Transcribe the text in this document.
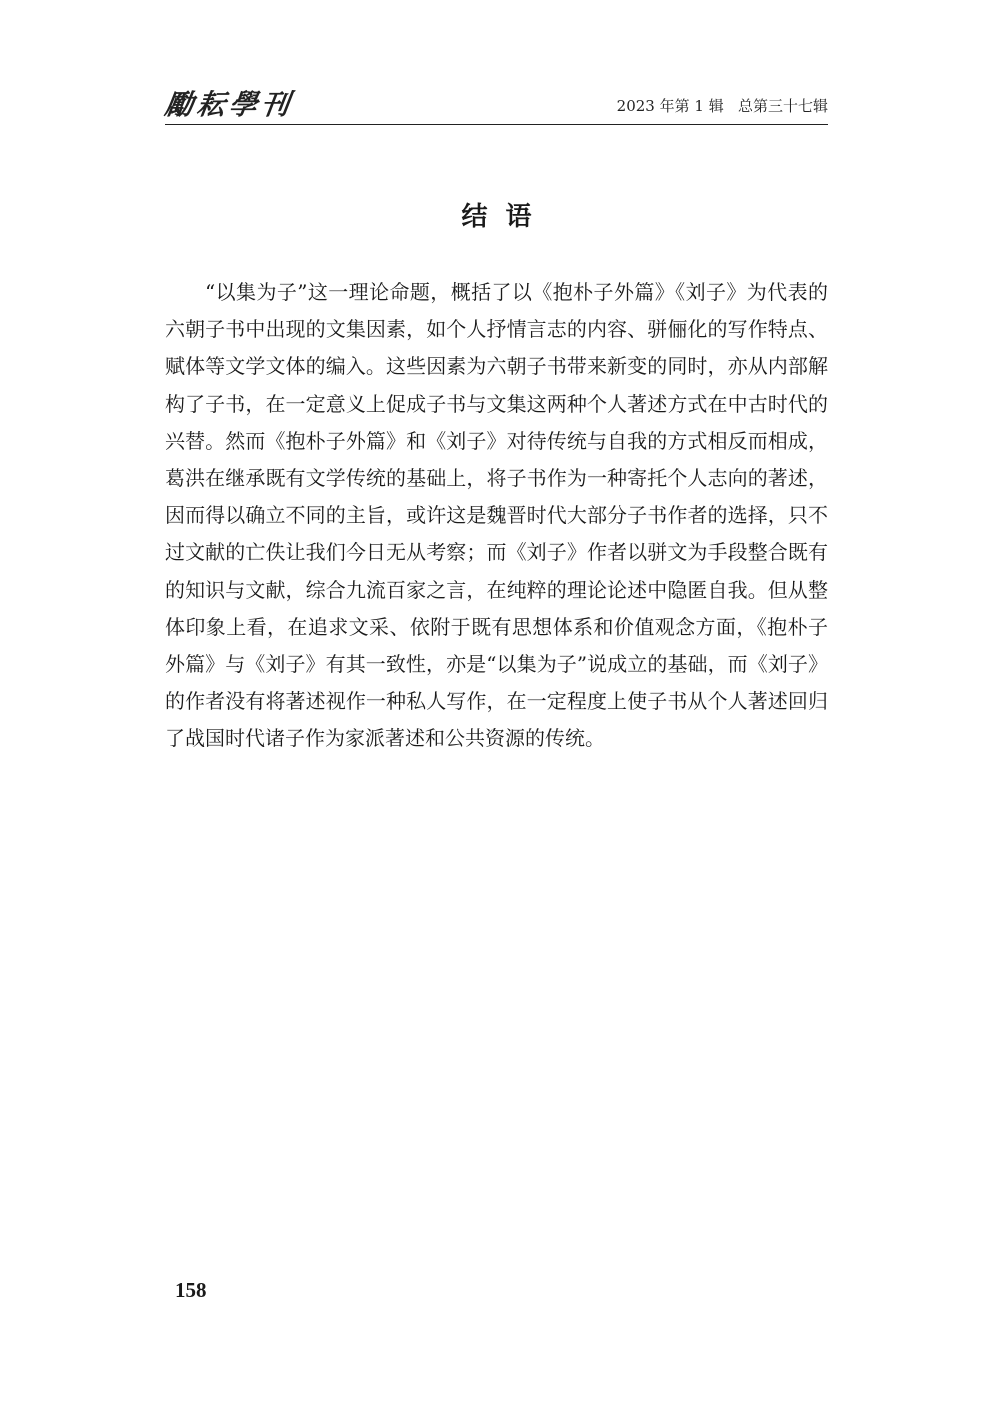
勵耘學刊	2023 年第 1 辑   总第三十七辑
结  语

“以集为子”这一理论命题，概括了以《抱朴子外篇》《刘子》为代表的六朝子书中出现的文集因素，如个人抒情言志的内容、骈俪化的写作特点、赋体等文学文体的编入。这些因素为六朝子书带来新变的同时，亦从内部解构了子书，在一定意义上促成子书与文集这两种个人著述方式在中古时代的兴替。然而《抱朴子外篇》和《刘子》对待传统与自我的方式相反而相成，葛洪在继承既有文学传统的基础上，将子书作为一种寄托个人志向的著述，因而得以确立不同的主旨，或许这是魏晋时代大部分子书作者的选择，只不过文献的亡佚让我们今日无从考察；而《刘子》作者以骈文为手段整合既有的知识与文献，综合九流百家之言，在纯粹的理论论述中隐匿自我。但从整体印象上看，在追求文采、依附于既有思想体系和价值观念方面，《抱朴子外篇》与《刘子》有其一致性，亦是“以集为子”说成立的基础，而《刘子》的作者没有将著述视作一种私人写作，在一定程度上使子书从个人著述回归了战国时代诸子作为家派著述和公共资源的传统。

158
